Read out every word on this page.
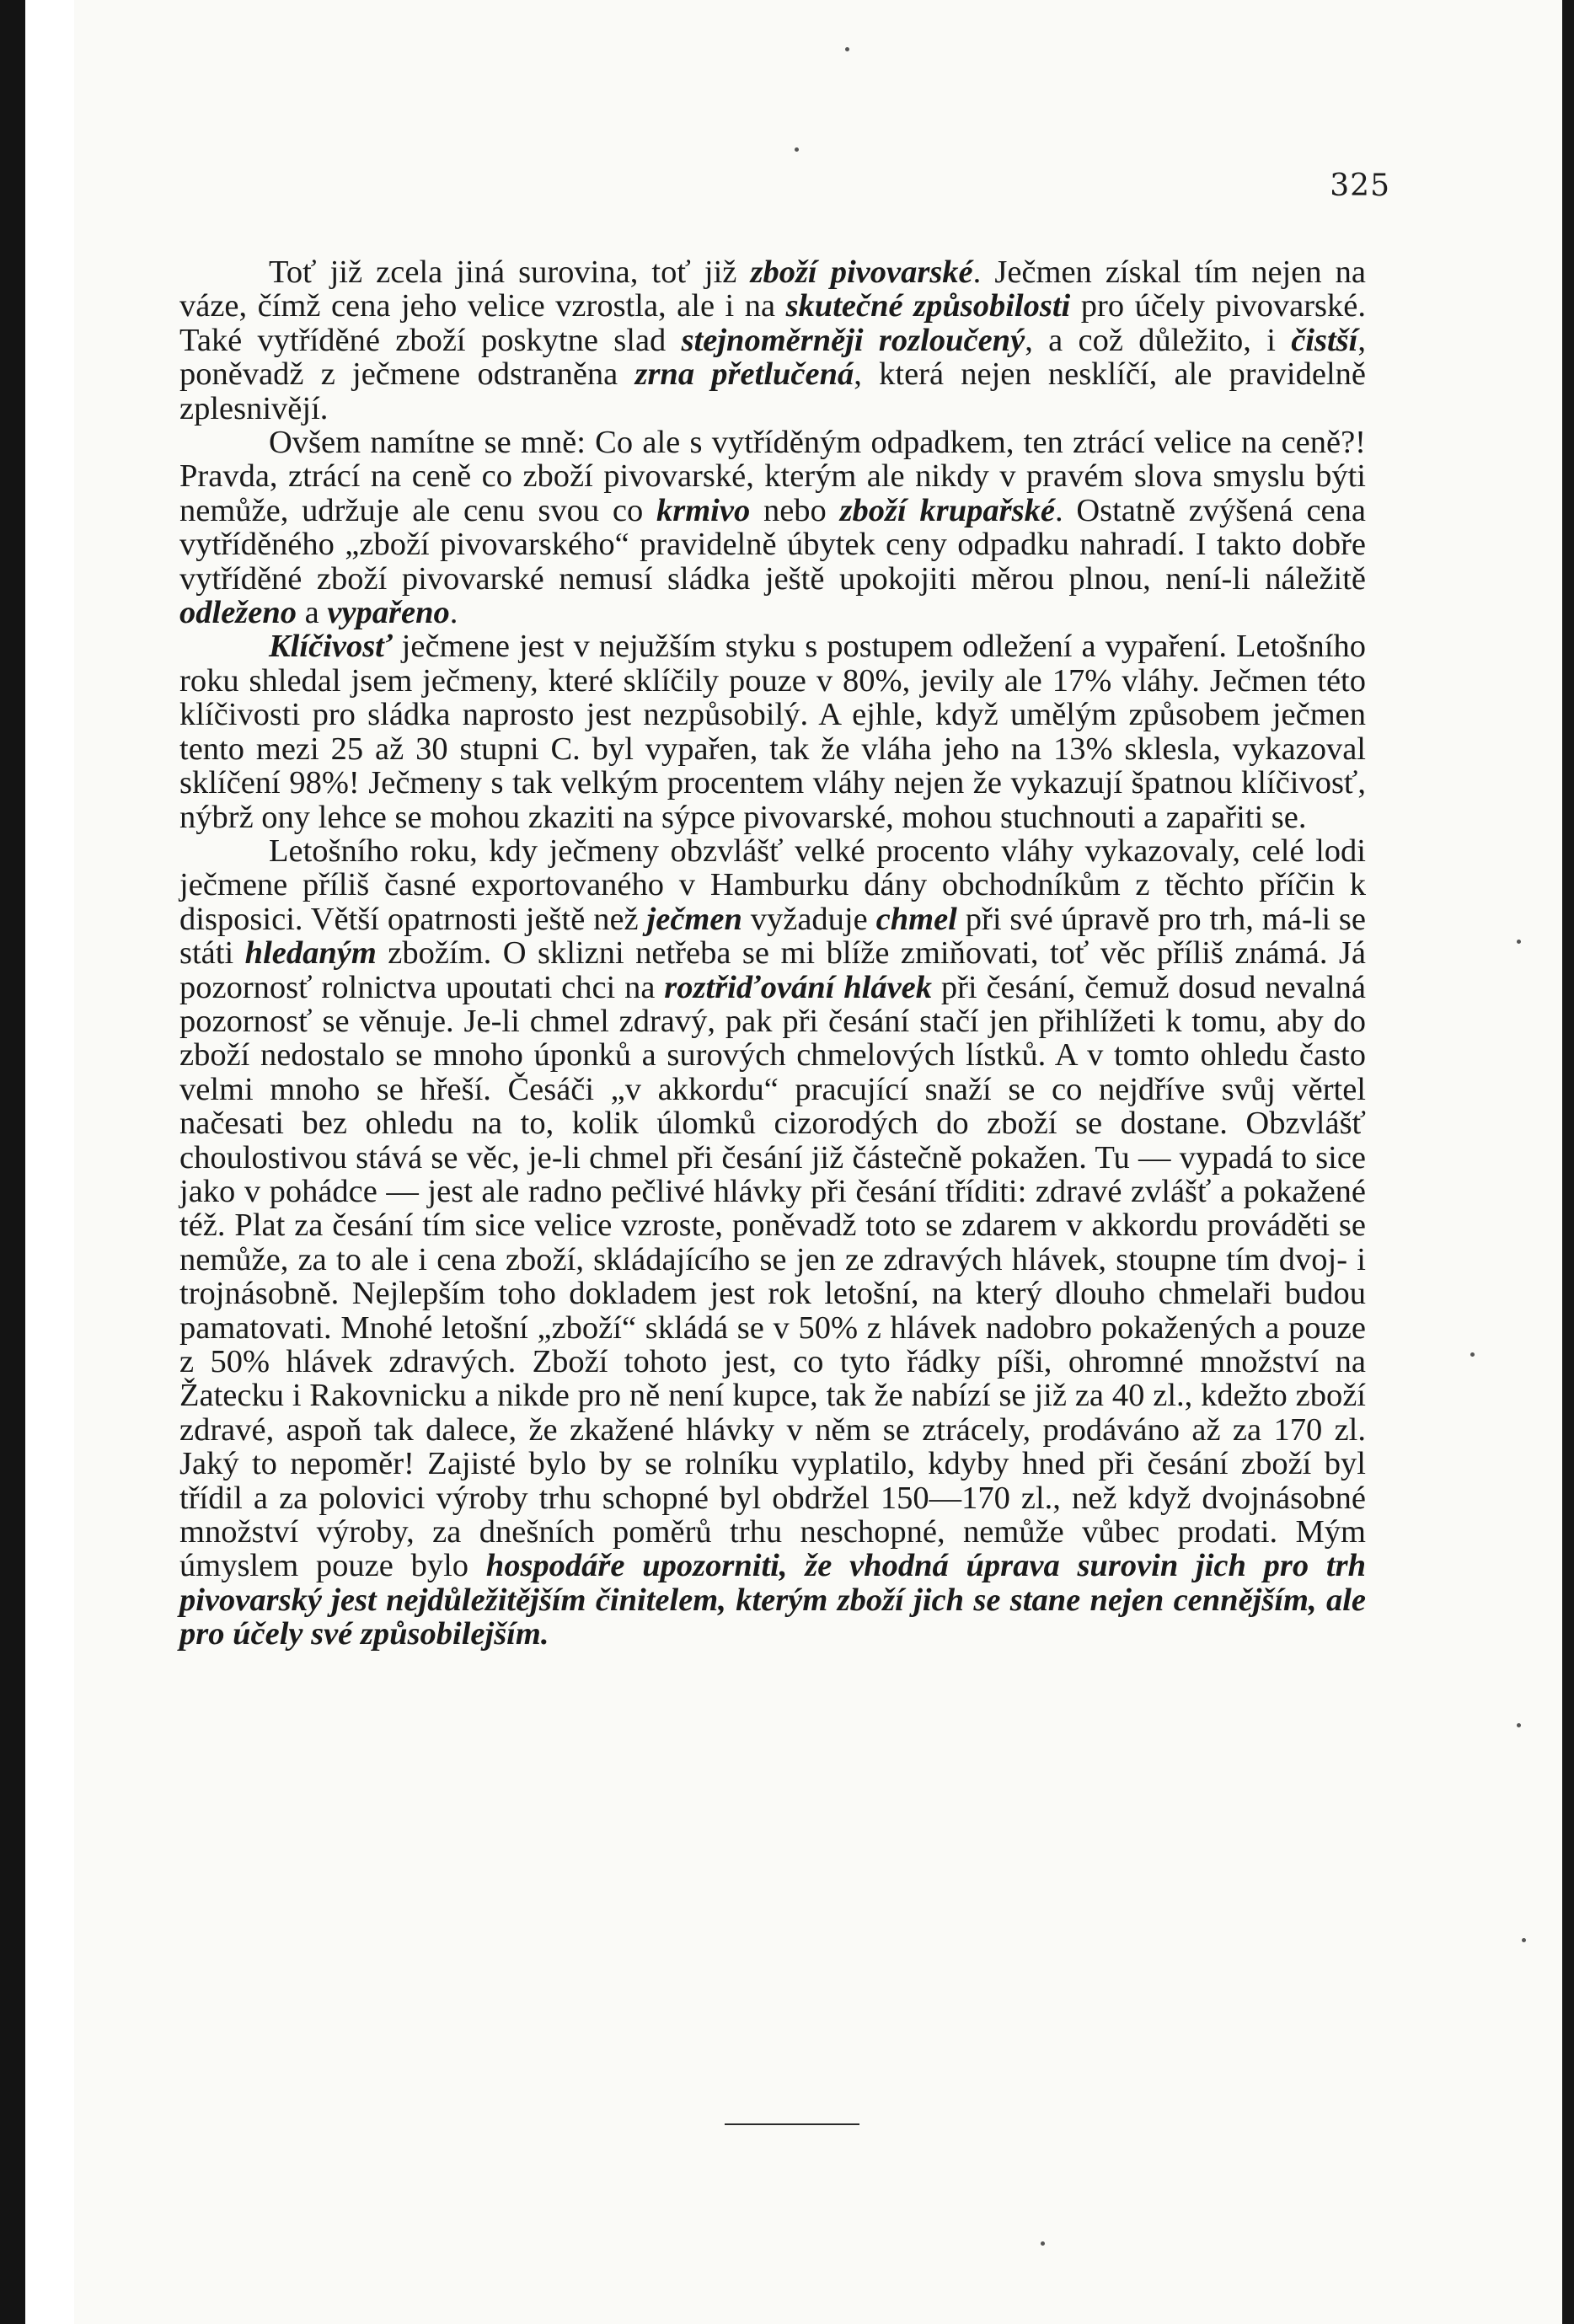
325

Toť již zcela jiná surovina, toť již zboží pivovarské. Ječmen získal tím nejen na váze, čímž cena jeho velice vzrostla, ale i na skutečné způsobilosti pro účely pivovarské. Také vytříděné zboží poskytne slad stejnoměrněji rozloučený, a což důležito, i čistší, poněvadž z ječmene odstraněna zrna přetlučená, která nejen nesklíčí, ale pravidelně zplesnivějí.

Ovšem namítne se mně: Co ale s vytříděným odpadkem, ten ztrácí velice na ceně?! Pravda, ztrácí na ceně co zboží pivovarské, kterým ale nikdy v pravém slova smyslu býti nemůže, udržuje ale cenu svou co krmivo nebo zboží krupařské. Ostatně zvýšená cena vytříděného „zboží pivovarského“ pravidelně úbytek ceny odpadku nahradí. I takto dobře vytříděné zboží pivovarské nemusí sládka ještě upokojiti měrou plnou, není-li náležitě odleženo a vypařeno.

Klíčivosť ječmene jest v nejužším styku s postupem odležení a vypaření. Letošního roku shledal jsem ječmeny, které sklíčily pouze v 80%, jevily ale 17% vláhy. Ječmen této klíčivosti pro sládka naprosto jest nezpůsobilý. A ejhle, když umělým způsobem ječmen tento mezi 25 až 30 stupni C. byl vypařen, tak že vláha jeho na 13% sklesla, vykazoval sklíčení 98%! Ječmeny s tak velkým procentem vláhy nejen že vykazují špatnou klíčivosť, nýbrž ony lehce se mohou zkaziti na sýpce pivovarské, mohou stuchnouti a zapařiti se.

Letošního roku, kdy ječmeny obzvlášť velké procento vláhy vykazovaly, celé lodi ječmene příliš časné exportovaného v Hamburku dány obchodníkům z těchto příčin k disposici. Větší opatrnosti ještě než ječmen vyžaduje chmel při své úpravě pro trh, má-li se státi hledaným zbožím. O sklizni netřeba se mi blíže zmiňovati, toť věc příliš známá. Já pozornosť rolnictva upoutati chci na roztřiďování hlávek při česání, čemuž dosud nevalná pozornosť se věnuje. Je-li chmel zdravý, pak při česání stačí jen přihlížeti k tomu, aby do zboží nedostalo se mnoho úponků a surových chmelových lístků. A v tomto ohledu často velmi mnoho se hřeší. Česáči „v akkordu“ pracující snaží se co nejdříve svůj věrtel načesati bez ohledu na to, kolik úlomků cizorodých do zboží se dostane. Obzvlášť choulostivou stává se věc, je-li chmel při česání již částečně pokažen. Tu — vypadá to sice jako v pohádce — jest ale radno pečlivé hlávky při česání tříditi: zdravé zvlášť a pokažené též. Plat za česání tím sice velice vzroste, poněvadž toto se zdarem v akkordu prováděti se nemůže, za to ale i cena zboží, skládajícího se jen ze zdravých hlávek, stoupne tím dvoj- i trojnásobně. Nejlepším toho dokladem jest rok letošní, na který dlouho chmelaři budou pamatovati. Mnohé letošní „zboží“ skládá se v 50% z hlávek nadobro pokažených a pouze z 50% hlávek zdravých. Zboží tohoto jest, co tyto řádky píši, ohromné množství na Žatecku i Rakovnicku a nikde pro ně není kupce, tak že nabízí se již za 40 zl., kdežto zboží zdravé, aspoň tak dalece, že zkažené hlávky v něm se ztrácely, prodáváno až za 170 zl. Jaký to nepoměr! Zajisté bylo by se rolníku vyplatilo, kdyby hned při česání zboží byl třídil a za polovici výroby trhu schopné byl obdržel 150—170 zl., než když dvojnásobné množství výroby, za dnešních poměrů trhu neschopné, nemůže vůbec prodati. Mým úmyslem pouze bylo hospodáře upozorniti, že vhodná úprava surovin jich pro trh pivovarský jest nejdůležitějším činitelem, kterým zboží jich se stane nejen cennějším, ale pro účely své způsobilejším.
